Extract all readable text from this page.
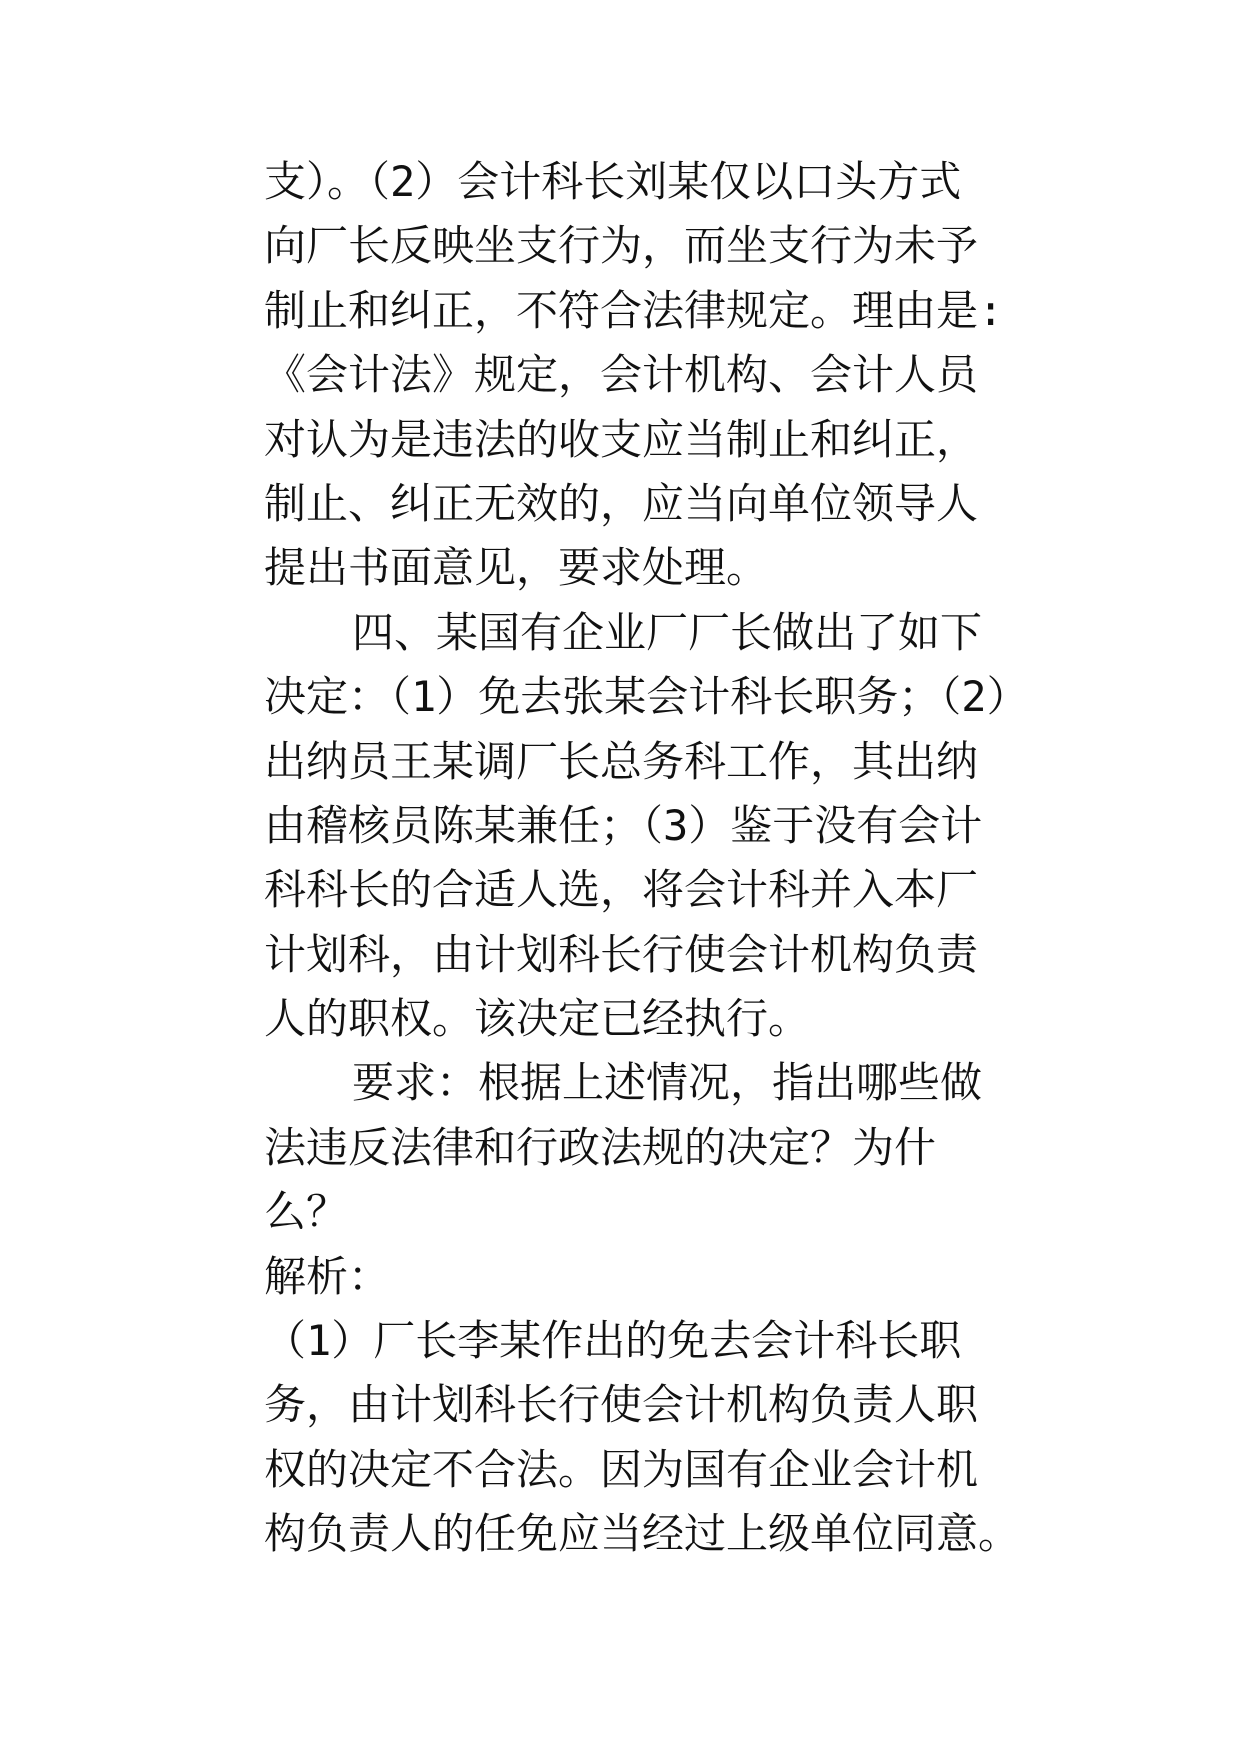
支）。（2）会计科长刘某仅以口头方式
向厂长反映坐支行为，而坐支行为未予
制止和纠正，不符合法律规定。理由是:
《会计法》规定，会计机构、会计人员
对认为是违法的收支应当制止和纠正，
制止、纠正无效的，应当向单位领导人
提出书面意见，要求处理。
四、某国有企业厂厂长做出了如下
决定：（1）免去张某会计科长职务；（2）
出纳员王某调厂长总务科工作，其出纳
由稽核员陈某兼任；（3）鉴于没有会计
科科长的合适人选，将会计科并入本厂
计划科，由计划科长行使会计机构负责
人的职权。该决定已经执行。
要求：根据上述情况，指出哪些做
法违反法律和行政法规的决定？为什
么？
解析：
（1）厂长李某作出的免去会计科长职
务，由计划科长行使会计机构负责人职
权的决定不合法。因为国有企业会计机
构负责人的任免应当经过上级单位同意。
